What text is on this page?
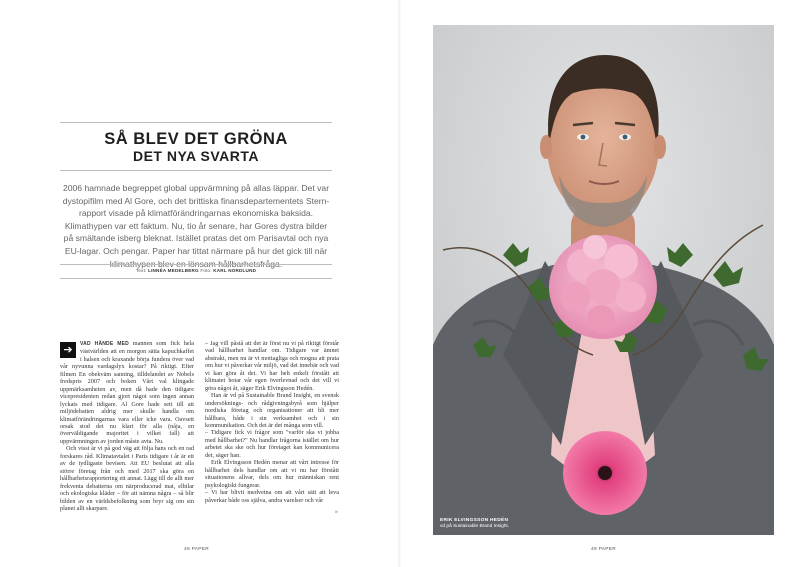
SÅ BLEV DET GRÖNA
DET NYA SVARTA
2006 hamnade begreppet global uppvärmning på allas läppar. Det var dystopifilm med Al Gore, och det brittiska finansdepartementets Stern-rapport visade på klimatförändringarnas ekonomiska baksida. Klimathypen var ett faktum. Nu, tio år senare, har Gores dystra bilder på smältande isberg bleknat. Istället pratas det om Parisavtal och nya EU-lagar. Och pengar. Paper har tittat närmare på hur det gick till när
Text: LINNÉA MEDELBERG Foto: KARL NORDLUND
➔	VAD HÄNDE MED mannen som fick hela västvärlden att en morgon sätta kapuchkaffet i halsen och kraxande börja fundera över vad vår nyvunna vardagslyx kostar? På riktigt. Efter filmen En obekväm sanning, tilldelandet av Nobels fredspris 2007 och boken Vårt val klingade uppmärksamheten av, men då hade den tidigare vicepresidenten redan gjort något som ingen annan lyckats med tidigare. Al Gore hade sett till att miljödebatten aldrig mer skulle handla om klimatförändringarnas vara eller icke vara. Oavsett orsak stod det nu klart för alla (nåja, en överväldigande majoritet i vilket fall) att uppvärmningen av jorden måste avta. Nu.

Och visst är vi på god väg att följa hans och en rad forskares råd. Klimatavtalet i Paris tidigare i år är ett av de tydligaste bevisen. Att EU beslutat att alla större företag från och med 2017 ska göra en hållbarhetsrapportering ett annat. Lägg till de allt mer frekventa debatterna om närproducerad mat, elbilar och ekologiska kläder – för att nämna några – så blir bilden av en världsbefolkning som bryr sig om sin planet allt skarpare.

– Jag vill påstå att det är först nu vi på riktigt förstår vad hållbarhet handlar om. Tidigare var ämnet abstrakt, men nu är vi mottagliga och mogna att prata om hur vi påverkar vår miljö, vad det innebär och vad vi kan göra åt det. Vi har helt enkelt förstått att klimatet hotar vår egen överlevnad och det vill vi göra något åt, säger Erik Elvingsson Hedén.

Han är vd på Sustainable Brand Insight, en svensk undersöknings- och rådgivningsbyrå som hjälper nordiska företag och organisationer att bli mer hållbara, både i sin verksamhet och i sin kommunikation. Och det är det många som vill.

– Tidigare fick vi frågor som "varför ska vi jobba med hållbarhet?" Nu handlar frågorna istället om hur arbetet ska ske och hur företaget kan kommunicera det, säger han.

Erik Elvingsson Hedén menar att vårt intresse för hållbarhet dels handlar om att vi nu har förstått situationens allvar, dels om hur människan rent psykologiskt fungerar.

– Vi har blivit medvetna om att vårt sätt att leva påverkar både oss själva, andra varelser och vår

»
48 PAPER	49 PAPER
ERIK ELVINGSSON HEDÉN
vd på Sustainable Brand Insight.
